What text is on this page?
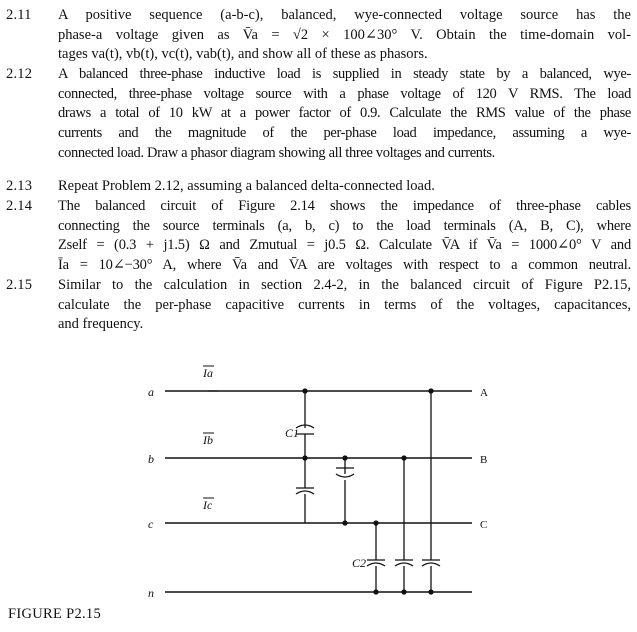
2.11 A positive sequence (a-b-c), balanced, wye-connected voltage source has the
phase-a voltage given as V̄a = √2 × 100∠30° V. Obtain the time-domain vol-
tages va(t), vb(t), vc(t), vab(t), and show all of these as phasors.
2.12 A balanced three-phase inductive load is supplied in steady state by a balanced, wye-
connected, three-phase voltage source with a phase voltage of 120 V RMS. The load
draws a total of 10 kW at a power factor of 0.9. Calculate the RMS value of the phase
currents and the magnitude of the per-phase load impedance, assuming a wye-
connected load. Draw a phasor diagram showing all three voltages and currents.
2.13 Repeat Problem 2.12, assuming a balanced delta-connected load.
2.14 The balanced circuit of Figure 2.14 shows the impedance of three-phase cables
connecting the source terminals (a, b, c) to the load terminals (A, B, C), where
Zself = (0.3 + j1.5) Ω and Zmutual = j0.5 Ω. Calculate V̄A if V̄a = 1000∠0° V and
Īa = 10∠−30° A, where V̄a and V̄A are voltages with respect to a common neutral.
2.15 Similar to the calculation in section 2.4-2, in the balanced circuit of Figure P2.15,
calculate the per-phase capacitive currents in terms of the voltages, capacitances,
and frequency.
a
b
c
n
A
B
C
Ia
Ib
Ic
C1
C2
FIGURE P2.15
